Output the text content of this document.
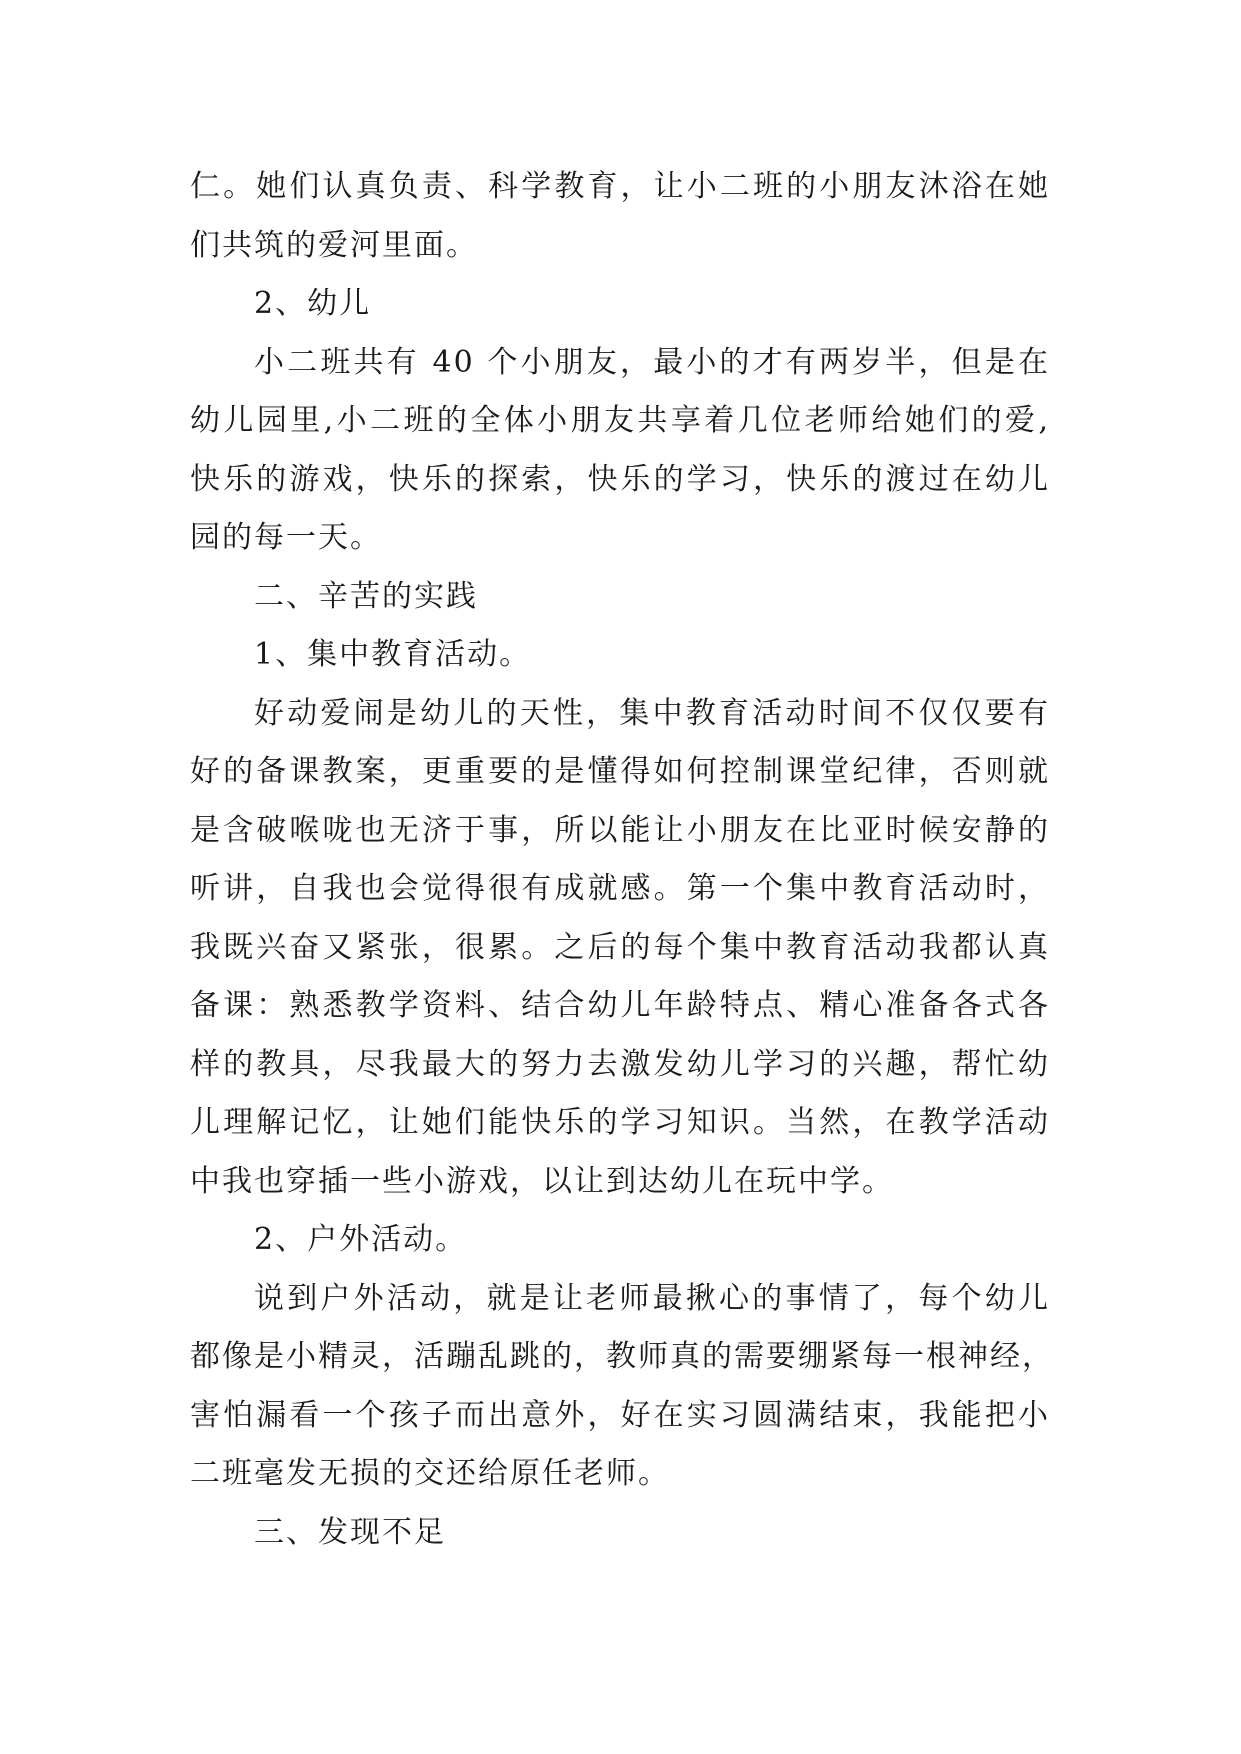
仁。她们认真负责、科学教育，让小二班的小朋友沐浴在她
们共筑的爱河里面。
2、幼儿
小二班共有 40 个小朋友，最小的才有两岁半，但是在
幼儿园里,小二班的全体小朋友共享着几位老师给她们的爱,
快乐的游戏，快乐的探索，快乐的学习，快乐的渡过在幼儿
园的每一天。
二、辛苦的实践
1、集中教育活动。
好动爱闹是幼儿的天性，集中教育活动时间不仅仅要有
好的备课教案，更重要的是懂得如何控制课堂纪律，否则就
是含破喉咙也无济于事，所以能让小朋友在比亚时候安静的
听讲，自我也会觉得很有成就感。第一个集中教育活动时，
我既兴奋又紧张，很累。之后的每个集中教育活动我都认真
备课：熟悉教学资料、结合幼儿年龄特点、精心准备各式各
样的教具，尽我最大的努力去激发幼儿学习的兴趣，帮忙幼
儿理解记忆，让她们能快乐的学习知识。当然，在教学活动
中我也穿插一些小游戏，以让到达幼儿在玩中学。
2、户外活动。
说到户外活动，就是让老师最揪心的事情了，每个幼儿
都像是小精灵，活蹦乱跳的，教师真的需要绷紧每一根神经，
害怕漏看一个孩子而出意外，好在实习圆满结束，我能把小
二班毫发无损的交还给原任老师。
三、发现不足
